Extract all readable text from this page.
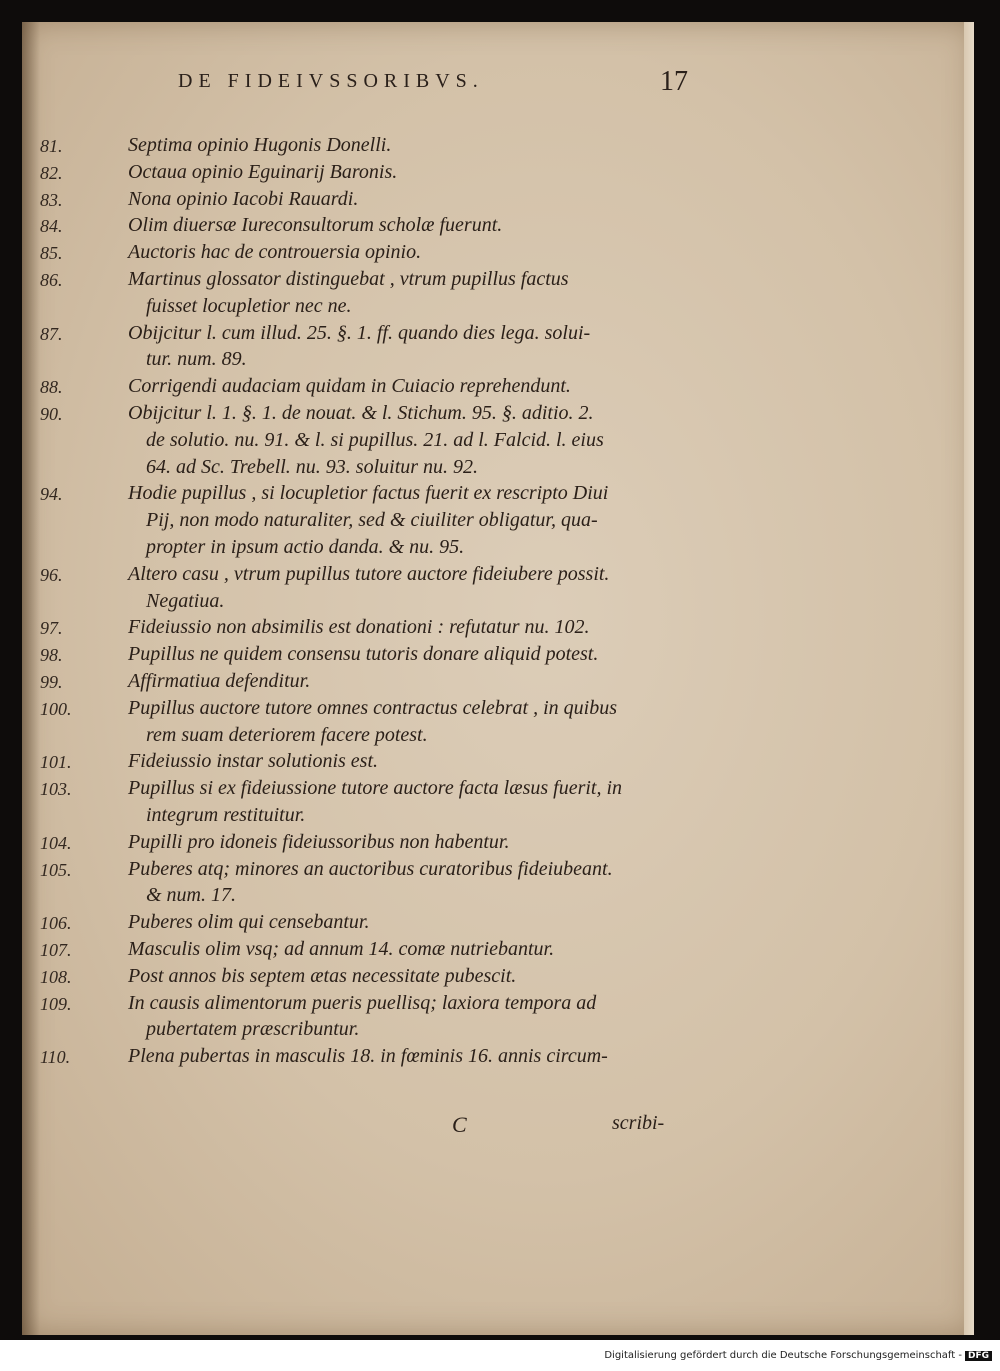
DE FIDEIVSSORIBVS.	17
81.	Septima opinio Hugonis Donelli.
82.	Octaua opinio Eguinarij Baronis.
83.	Nona opinio Iacobi Rauardi.
84.	Olim diuersæ Iureconsultorum scholæ fuerunt.
85.	Auctoris hac de controuersia opinio.
86.	Martinus glossator distinguebat , vtrum pupillus factus
fuisset locupletior nec ne.
87.	Obijcitur l. cum illud. 25. §. 1. ff. quando dies lega. solui-
tur. num. 89.
88.	Corrigendi audaciam quidam in Cuiacio reprehendunt.
90.	Obijcitur l. 1. §. 1. de nouat. & l. Stichum. 95. §. aditio. 2.
de solutio. nu. 91. & l. si pupillus. 21. ad l. Falcid. l. eius
64. ad Sc. Trebell. nu. 93. soluitur nu. 92.
94.	Hodie pupillus , si locupletior factus fuerit ex rescripto Diui
Pij, non modo naturaliter, sed & ciuiliter obligatur, qua-
propter in ipsum actio danda. & nu. 95.
96.	Altero casu , vtrum pupillus tutore auctore fideiubere possit.
Negatiua.
97.	Fideiussio non absimilis est donationi : refutatur nu. 102.
98.	Pupillus ne quidem consensu tutoris donare aliquid potest.
99.	Affirmatiua defenditur.
100.	Pupillus auctore tutore omnes contractus celebrat , in quibus
rem suam deteriorem facere potest.
101.	Fideiussio instar solutionis est.
103.	Pupillus si ex fideiussione tutore auctore facta læsus fuerit, in
integrum restituitur.
104.	Pupilli pro idoneis fideiussoribus non habentur.
105.	Puberes atq; minores an auctoribus curatoribus fideiubeant.
& num. 17.
106.	Puberes olim qui censebantur.
107.	Masculis olim vsq; ad annum 14. comæ nutriebantur.
108.	Post annos bis septem ætas necessitate pubescit.
109.	In causis alimentorum pueris puellisq; laxiora tempora ad
pubertatem præscribuntur.
110.	Plena pubertas in masculis 18. in fœminis 16. annis circum-
C	scribi-
Digitalisierung gefördert durch die Deutsche Forschungsgemeinschaft - DFG
